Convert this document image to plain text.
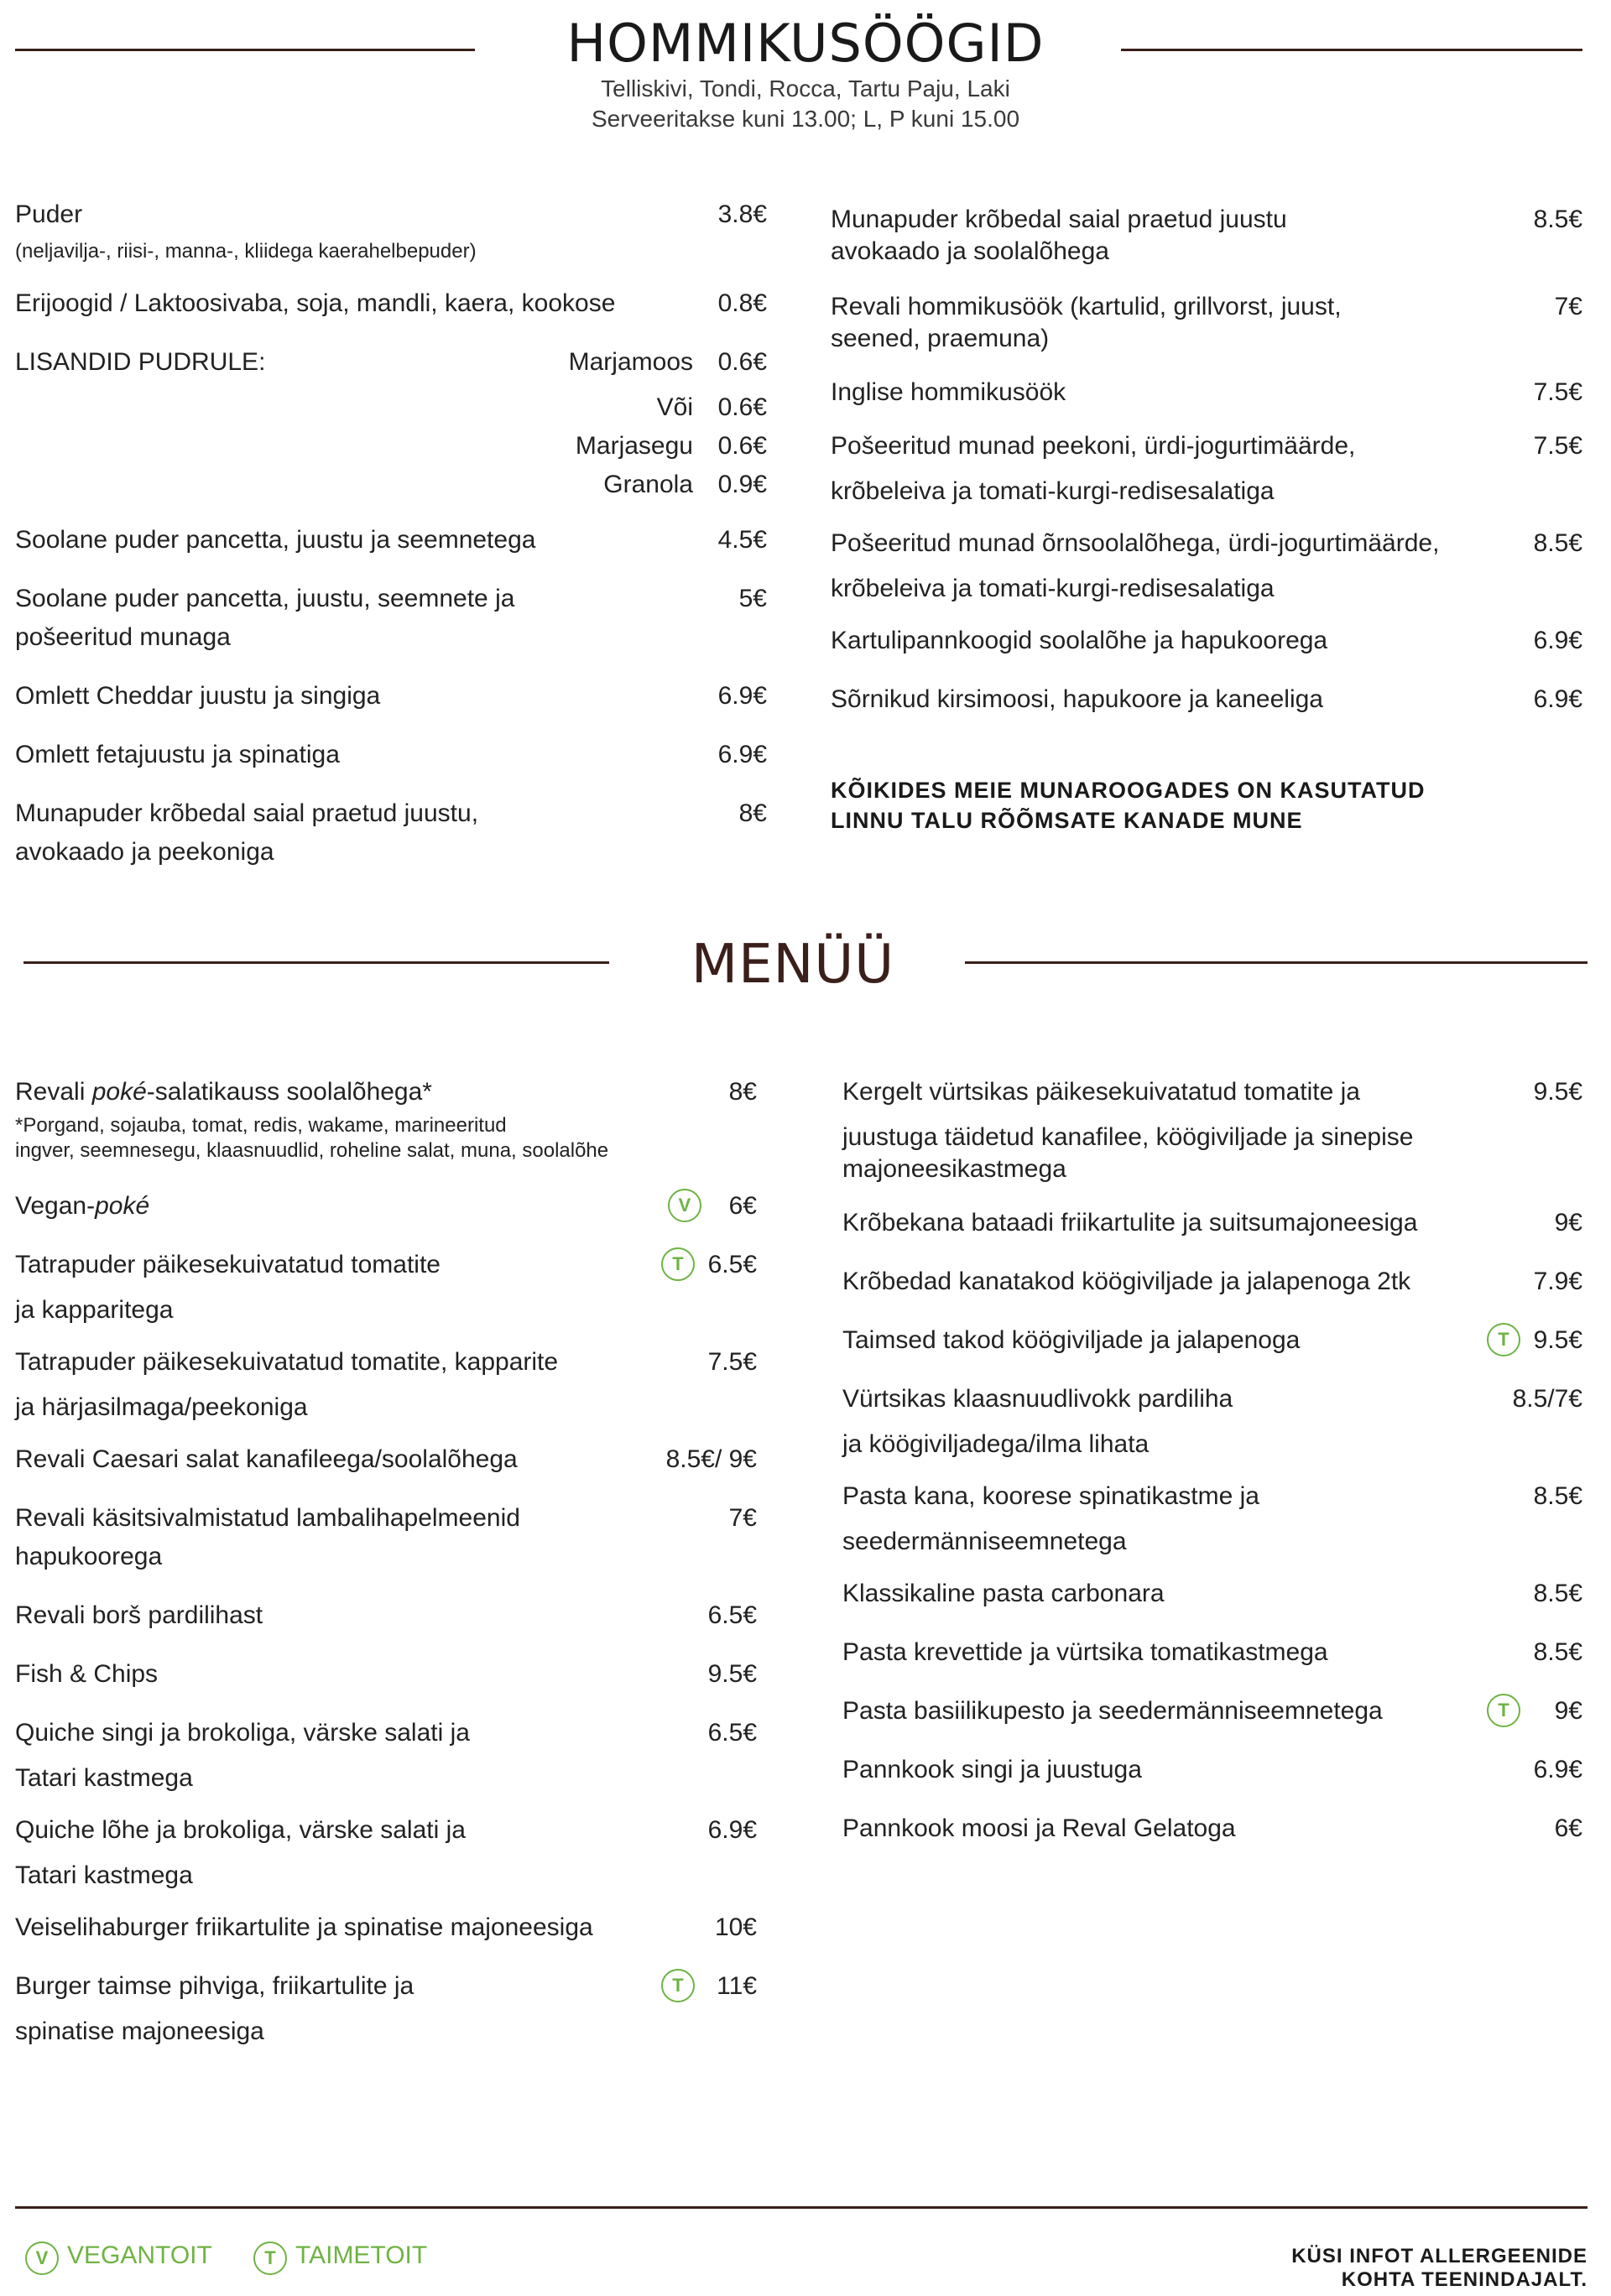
HOMMIKUSÖÖGID
Telliskivi, Tondi, Rocca, Tartu Paju, Laki
Serveeritakse kuni 13.00; L, P kuni 15.00
Puder	3.8€
(neljavilja-, riisi-, manna-, kliidega kaerahelbepuder)
Erijoogid / Laktoosivaba, soja, mandli, kaera, kookose	0.8€
LISANDID PUDRULE:	Marjamoos 0.6€
Või 0.6€
Marjasegu 0.6€
Granola 0.9€
Soolane puder pancetta, juustu ja seemnetega	4.5€
Soolane puder pancetta, juustu, seemnete ja
pošeeritud munaga
5€
Omlett Cheddar juustu ja singiga	6.9€
Omlett fetajuustu ja spinatiga	6.9€
Munapuder krõbedal saial praetud juustu,
avokaado ja peekoniga
8€
Munapuder krõbedal saial praetud juustu
avokaado ja soolalõhega
8.5€
Revali hommikusöök (kartulid, grillvorst, juust,
seened, praemuna)
7€
Inglise hommikusöök	7.5€
Pošeeritud munad peekoni, ürdi-jogurtimäärde,
krõbeleiva ja tomati-kurgi-redisesalatiga
7.5€
Pošeeritud munad õrnsoolalõhega, ürdi-jogurtimäärde,
krõbeleiva ja tomati-kurgi-redisesalatiga
8.5€
Kartulipannkoogid soolalõhe ja hapukoorega	6.9€
Sõrnikud kirsimoosi, hapukoore ja kaneeliga	6.9€
KÕIKIDES MEIE MUNAROOGADES ON KASUTATUD
LINNU TALU RÕÕMSATE KANADE MUNE
MENÜÜ
Revali poké-salatikauss soolalõhega*	8€
*Porgand, sojauba, tomat, redis, wakame, marineeritud
ingver, seemnesegu, klaasnuudlid, roheline salat, muna, soolalõhe
Vegan-poké	V	6€
Tatrapuder päikesekuivatatud tomatite
ja kapparitega
T 6.5€
Tatrapuder päikesekuivatatud tomatite, kapparite
ja härjasilmaga/peekoniga
7.5€
Revali Caesari salat kanafileega/soolalõhega	8.5€/ 9€
Revali käsitsivalmistatud lambalihapelmeenid
hapukoorega
7€
Revali borš pardilihast	6.5€
Fish & Chips	9.5€
Quiche singi ja brokoliga, värske salati ja
Tatari kastmega
6.5€
Quiche lõhe ja brokoliga, värske salati ja
Tatari kastmega
6.9€
Veiselihaburger friikartulite ja spinatise majoneesiga	10€
Burger taimse pihviga, friikartulite ja
spinatise majoneesiga
T	11€
Kergelt vürtsikas päikesekuivatatud tomatite ja
juustuga täidetud kanafilee, köögiviljade ja sinepise
majoneesikastmega
9.5€
Krõbekana bataadi friikartulite ja suitsumajoneesiga	9€
Krõbedad kanatakod köögiviljade ja jalapenoga 2tk	7.9€
Taimsed takod köögiviljade ja jalapenoga	T 9.5€
Vürtsikas klaasnuudlivokk pardiliha
ja köögiviljadega/ilma lihata
8.5/7€
Pasta kana, koorese spinatikastme ja
seedermänniseemnetega
8.5€
Klassikaline pasta carbonara	8.5€
Pasta krevettide ja vürtsika tomatikastmega	8.5€
Pasta basiilikupesto ja seedermänniseemnetega	T	9€
Pannkook singi ja juustuga	6.9€
Pannkook moosi ja Reval Gelatoga	6€
V VEGANTOIT	T TAIMETOIT	KÜSI INFOT ALLERGEENIDE
KOHTA TEENINDAJALT.
